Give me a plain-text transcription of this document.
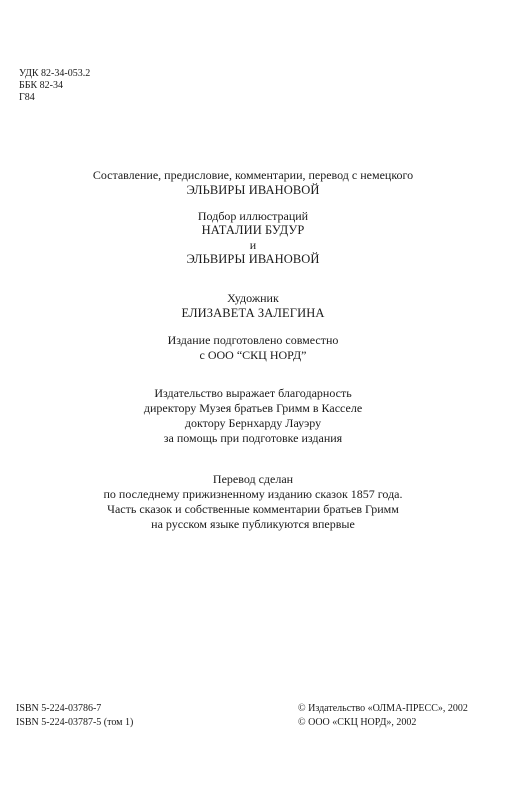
УДК 82-34-053.2
ББК 82-34
Г84
Составление, предисловие, комментарии, перевод с немецкого
ЭЛЬВИРЫ ИВАНОВОЙ
Подбор иллюстраций
НАТАЛИИ БУДУР
и
ЭЛЬВИРЫ ИВАНОВОЙ
Художник
ЕЛИЗАВЕТА ЗАЛЕГИНА
Издание подготовлено совместно
с ООО “СКЦ НОРД”
Издательство выражает благодарность
директору Музея братьев Гримм в Касселе
доктору Бернхарду Лауэру
за помощь при подготовке издания
Перевод сделан
по последнему прижизненному изданию сказок 1857 года.
Часть сказок и собственные комментарии братьев Гримм
на русском языке публикуются впервые
ISBN 5-224-03786-7
ISBN 5-224-03787-5 (том 1)
© Издательство «ОЛМА-ПРЕСС», 2002
© ООО «СКЦ НОРД», 2002
